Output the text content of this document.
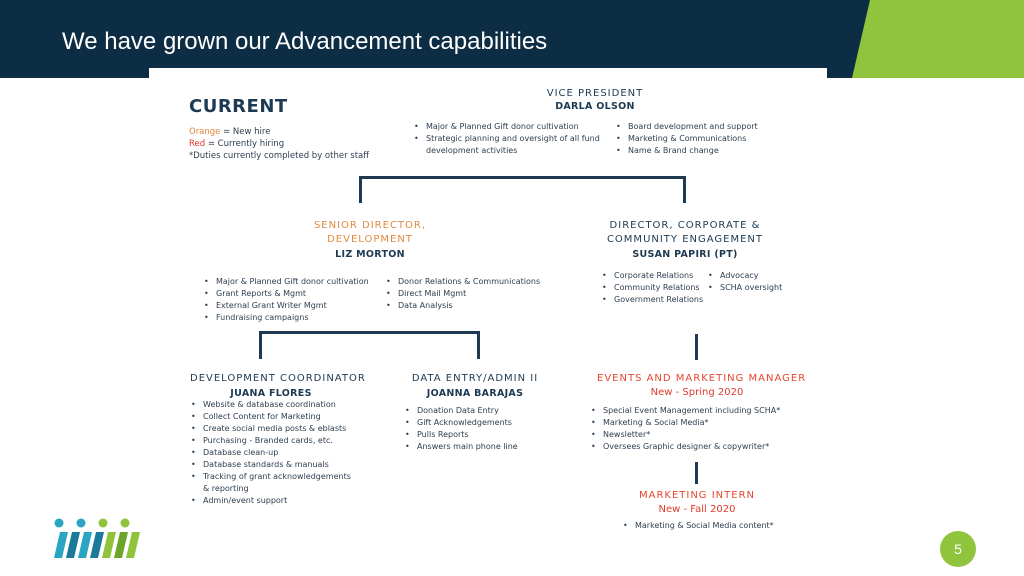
We have grown our Advancement capabilities
CURRENT
Orange = New hire
Red = Currently hiring
*Duties currently completed by other staff
VICE PRESIDENT
DARLA OLSON
• Major & Planned Gift donor cultivation
• Strategic planning and oversight of all fund
development activities
• Board development and support
• Marketing & Communications
• Name & Brand change
SENIOR DIRECTOR,
DEVELOPMENT
LIZ MORTON
• Major & Planned Gift donor cultivation
• Grant Reports & Mgmt
• External Grant Writer Mgmt
• Fundraising campaigns
• Donor Relations & Communications
• Direct Mail Mgmt
• Data Analysis
DIRECTOR, CORPORATE &
COMMUNITY ENGAGEMENT
SUSAN PAPIRI (PT)
• Corporate Relations
• Community Relations
• Government Relations
• Advocacy
• SCHA oversight
DEVELOPMENT COORDINATOR
JUANA FLORES
• Website & database coordination
• Collect Content for Marketing
• Create social media posts & eblasts
• Purchasing - Branded cards, etc.
• Database clean-up
• Database standards & manuals
• Tracking of grant acknowledgements
& reporting
• Admin/event support
DATA ENTRY/ADMIN II
JOANNA BARAJAS
• Donation Data Entry
• Gift Acknowledgements
• Pulls Reports
• Answers main phone line
EVENTS AND MARKETING MANAGER
New - Spring 2020
• Special Event Management including SCHA*
• Marketing & Social Media*
• Newsletter*
• Oversees Graphic designer & copywriter*
MARKETING INTERN
New - Fall 2020
• Marketing & Social Media content*
5
